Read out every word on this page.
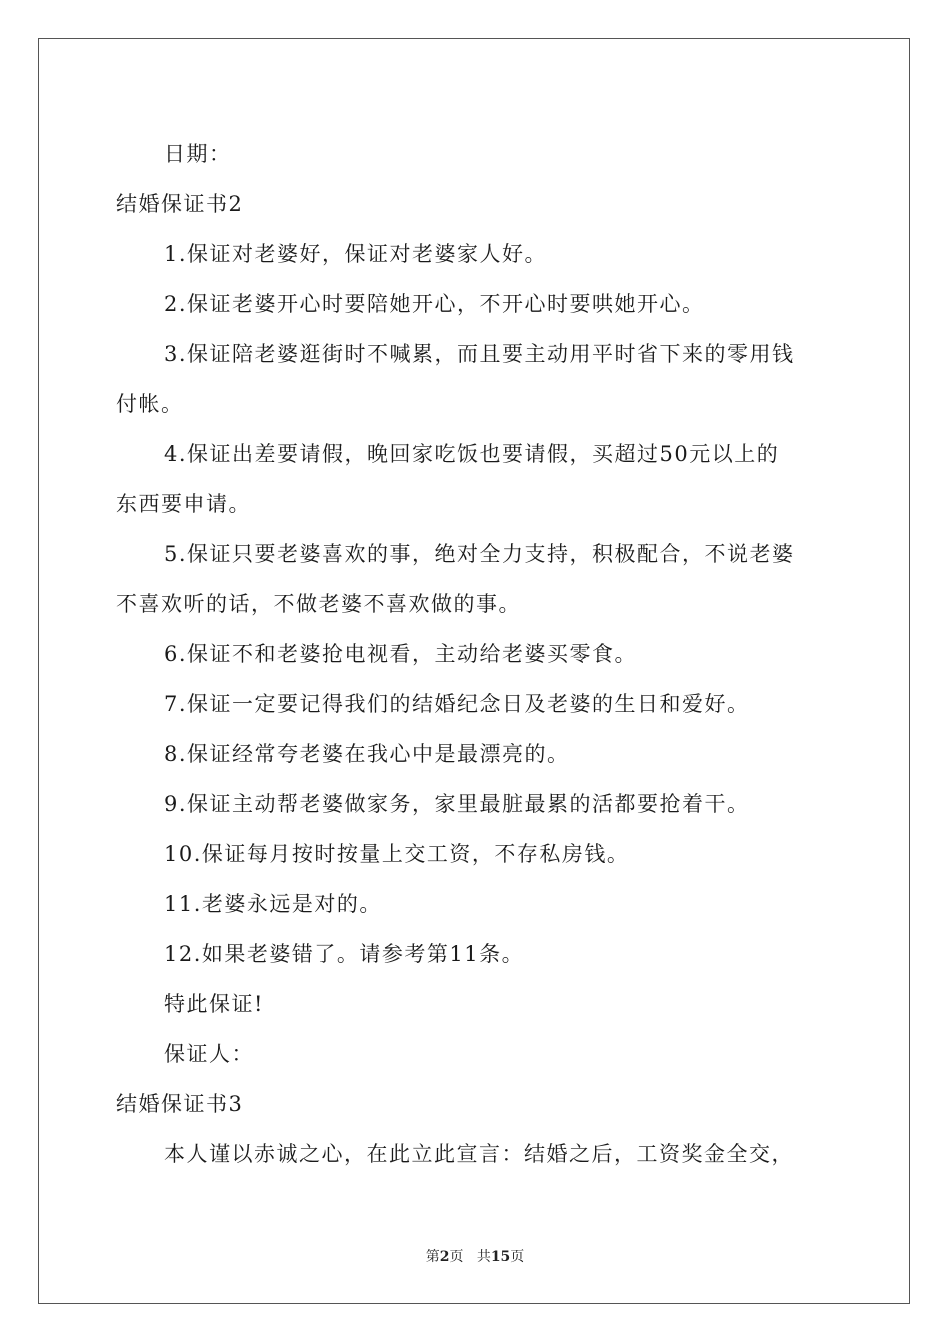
日期：
结婚保证书2
1.保证对老婆好，保证对老婆家人好。
2.保证老婆开心时要陪她开心，不开心时要哄她开心。
3.保证陪老婆逛街时不喊累，而且要主动用平时省下来的零用钱
付帐。
4.保证出差要请假，晚回家吃饭也要请假，买超过50元以上的
东西要申请。
5.保证只要老婆喜欢的事，绝对全力支持，积极配合，不说老婆
不喜欢听的话，不做老婆不喜欢做的事。
6.保证不和老婆抢电视看，主动给老婆买零食。
7.保证一定要记得我们的结婚纪念日及老婆的生日和爱好。
8.保证经常夸老婆在我心中是最漂亮的。
9.保证主动帮老婆做家务，家里最脏最累的活都要抢着干。
10.保证每月按时按量上交工资，不存私房钱。
11.老婆永远是对的。
12.如果老婆错了。请参考第11条。
特此保证!
保证人：
结婚保证书3
本人谨以赤诚之心，在此立此宣言：结婚之后，工资奖金全交，
第2页 共15页
